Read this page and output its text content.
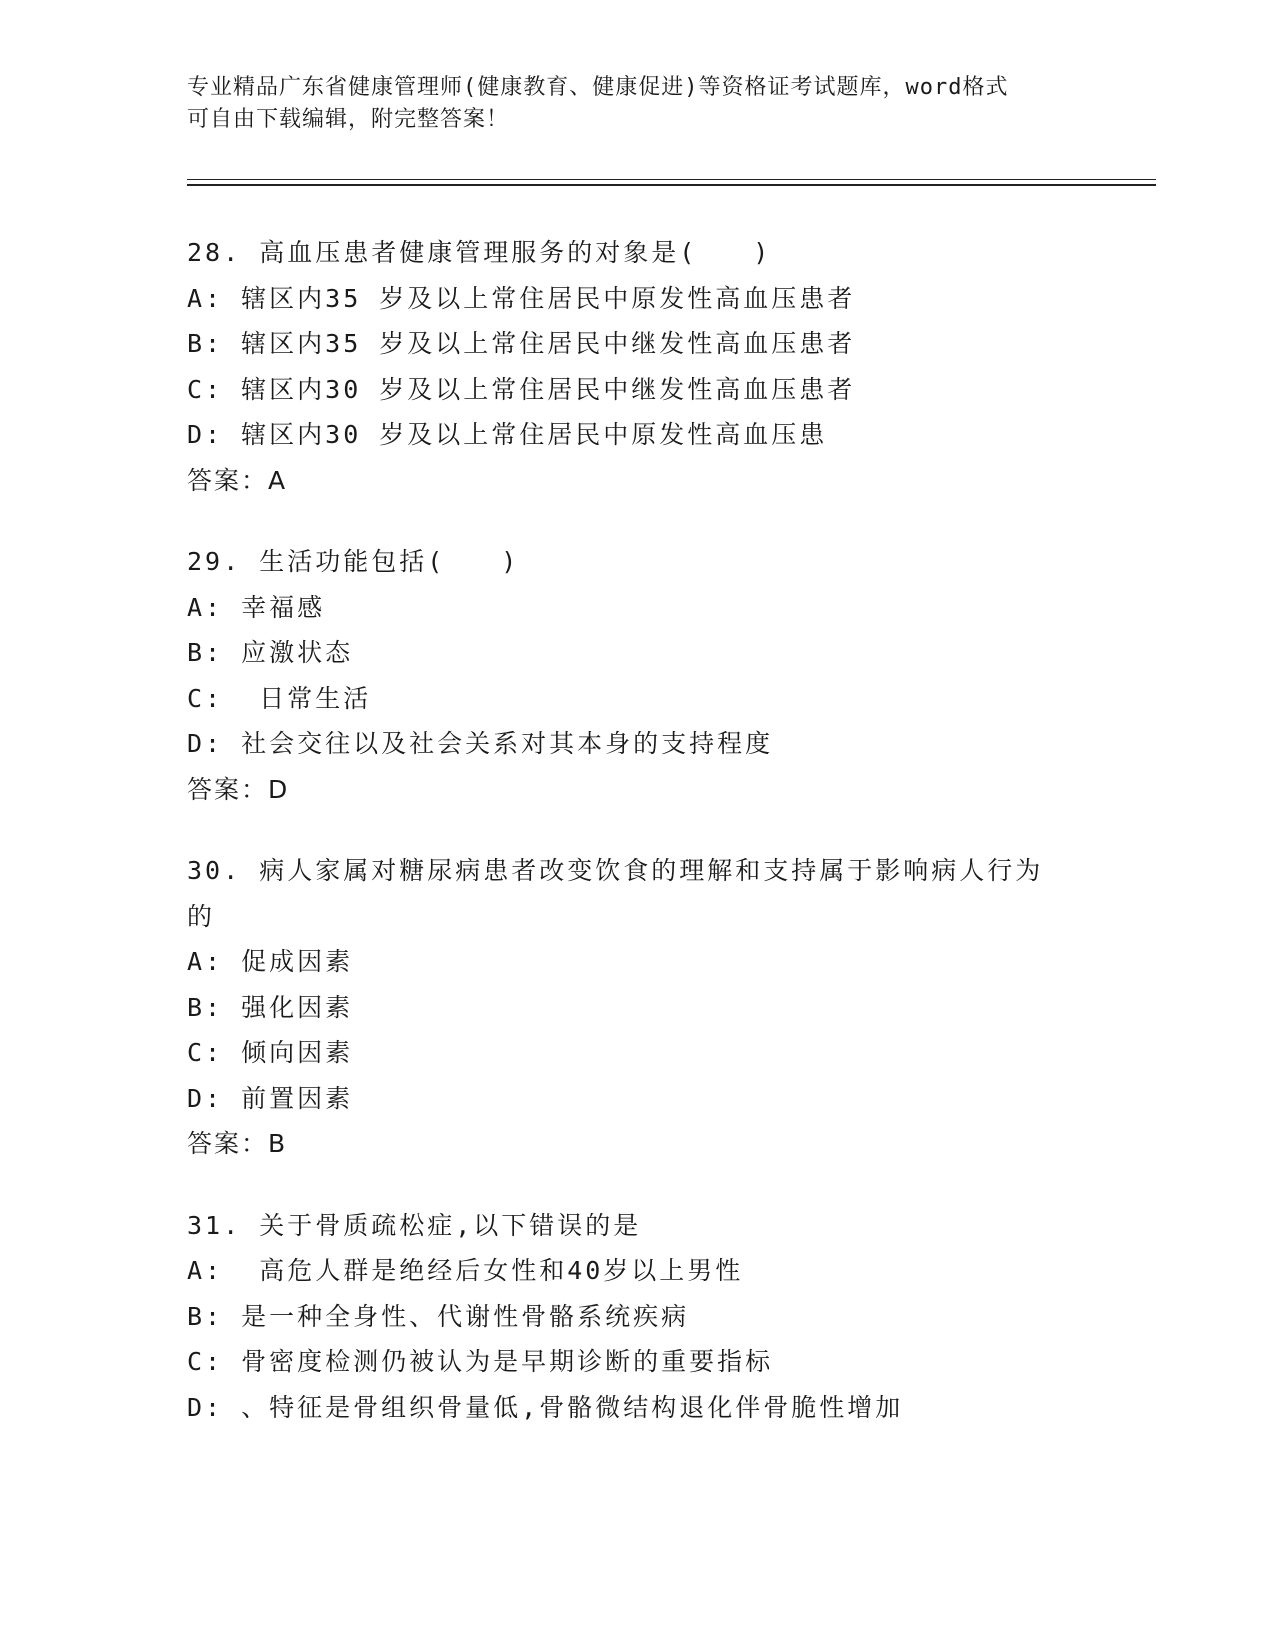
专业精品广东省健康管理师(健康教育、健康促进)等资格证考试题库，word格式

可自由下载编辑，附完整答案！

28. 高血压患者健康管理服务的对象是(　　)
A: 辖区内35 岁及以上常住居民中原发性高血压患者
B: 辖区内35 岁及以上常住居民中继发性高血压患者
C: 辖区内30 岁及以上常住居民中继发性高血压患者
D: 辖区内30 岁及以上常住居民中原发性高血压患
答案：A
29. 生活功能包括(　　)
A: 幸福感
B: 应激状态
C:  日常生活
D: 社会交往以及社会关系对其本身的支持程度
答案：D
30. 病人家属对糖尿病患者改变饮食的理解和支持属于影响病人行为的
A: 促成因素
B: 强化因素
C: 倾向因素
D: 前置因素
答案：B
31. 关于骨质疏松症,以下错误的是
A:  高危人群是绝经后女性和40岁以上男性
B: 是一种全身性、代谢性骨骼系统疾病
C: 骨密度检测仍被认为是早期诊断的重要指标
D: 、特征是骨组织骨量低,骨骼微结构退化伴骨脆性增加
